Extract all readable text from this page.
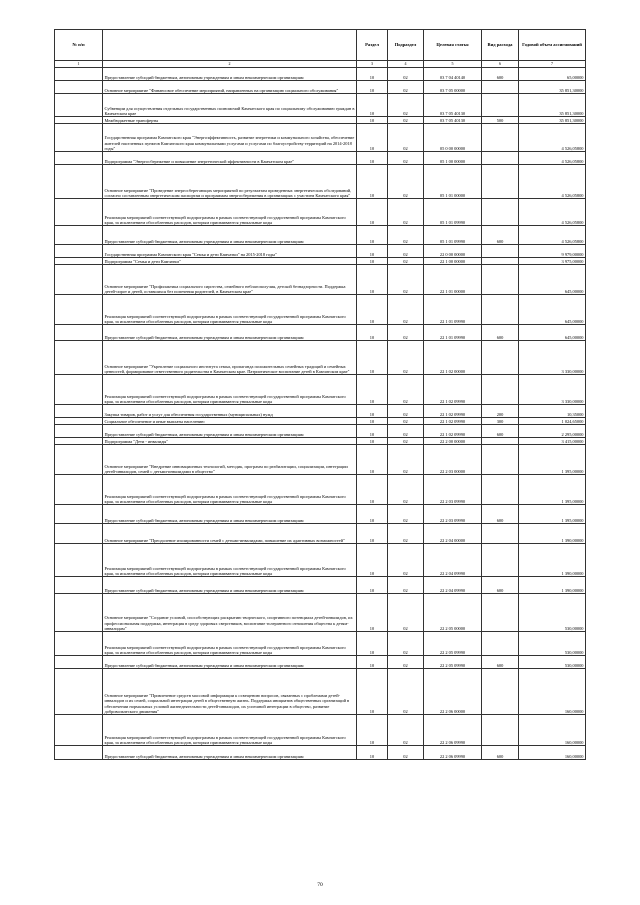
№ п/п		Раздел	Подраздел	Целевая статья	Вид расхода	Годовой объем ассигнований
1	2	3	4	5	6	7
	Предоставление субсидий бюджетным, автономным учреждениям и иным некоммерческим организациям	10	02	03 7 04 40140	600	65,00000
	Основное мероприятие "Финансовое обеспечение мероприятий, направленных на организацию социального обслуживания"	10	02	03 7 05 00000		35 851,30000
	Субвенции для осуществления отдельных государственных полномочий Камчатского края по социальному обслуживанию граждан в Камчатском крае	10	02	03 7 05 40130		35 851,30000
	Межбюджетные трансферты	10	02	03 7 05 40130	500	35 851,30000
	Государственная программа Камчатского края "Энергоэффективность, развитие энергетики и коммунального хозяйства, обеспечение жителей населенных пунктов Камчатского края коммунальными услугами и услугами по благоустройству территорий на 2014-2018 годы"	10	02	05 0 00 00000		4 526,05800
	Подпрограмма "Энергосбережение и повышение энергетической эффективности в Камчатском крае"	10	02	05 1 00 00000		4 526,05800
	Основное мероприятие "Проведение энергосберегающих мероприятий по результатам проведенных энергетических обследований, согласно составленным энергетическим паспортам и программам энергосбережения в организациях с участием Камчатского края"	10	02	05 1 01 00000		4 526,05800
	Реализация мероприятий соответствующей подпрограммы в рамках соответствующей государственной программы Камчатского края, за исключением обособленных расходов, которым присваиваются уникальные коды	10	02	05 1 01 09990		4 526,05800
	Предоставление субсидий бюджетным, автономным учреждениям и иным некоммерческим организациям	10	02	05 1 01 09990	600	4 526,05800
	Государственная программа Камчатского края "Семья и дети Камчатки" на 2015-2018 годы"	10	02	22 0 00 00000		9 979,00000
	Подпрограмма "Семья и дети Камчатки"	10	02	22 1 00 00000		3 975,00000
	Основное мероприятие "Профилактика социального сиротства, семейного неблагополучия, детской безнадзорности. Поддержка детей-сирот и детей, оставшихся без попечения родителей, в Камчатском крае"	10	02	22 1 01 00000		645,00000
	Реализация мероприятий соответствующей подпрограммы в рамках соответствующей государственной программы Камчатского края, за исключением обособленных расходов, которым присваиваются уникальные коды	10	02	22 1 01 09990		645,00000
	Предоставление субсидий бюджетным, автономным учреждениям и иным некоммерческим организациям	10	02	22 1 01 09990	600	645,00000
	Основное мероприятие "Укрепление социального института семьи, пропаганда положительных семейных традиций и семейных ценностей, формирование ответственного родительства в Камчатском крае. Патриотическое воспитание детей в Камчатском крае"	10	02	22 1 02 00000		3 330,00000
	Реализация мероприятий соответствующей подпрограммы в рамках соответствующей государственной программы Камчатского края, за исключением обособленных расходов, которым присваиваются уникальные коды	10	02	22 1 02 09990		3 330,00000
	Закупка товаров, работ и услуг для обеспечения государственных (муниципальных) нужд	10	02	22 1 02 09990	200	10,35000
	Социальное обеспечение и иные выплаты населению	10	02	22 1 02 09990	300	1 024,65000
	Предоставление субсидий бюджетным, автономным учреждениям и иным некоммерческим организациям	10	02	22 1 02 09990	600	2 295,00000
	Подпрограмма "Дети - инвалиды"	10	02	22 2 00 00000		3 415,00000
	Основное мероприятие "Внедрение инновационных технологий, методик, программ по реабилитации, социализации, интеграции детей-инвалидов, семей с детьми-инвалидами в общество"	10	02	22 2 03 00000		1 395,00000
	Реализация мероприятий соответствующей подпрограммы в рамках соответствующей государственной программы Камчатского края, за исключением обособленных расходов, которым присваиваются уникальные коды	10	02	22 2 03 09990		1 395,00000
	Предоставление субсидий бюджетным, автономным учреждениям и иным некоммерческим организациям	10	02	22 2 03 09990	600	1 395,00000
	Основное мероприятие "Преодоление изолированности семей с детьми-инвалидами, повышение их адаптивных возможностей"	10	02	22 2 04 00000		1 390,00000
	Реализация мероприятий соответствующей подпрограммы в рамках соответствующей государственной программы Камчатского края, за исключением обособленных расходов, которым присваиваются уникальные коды	10	02	22 2 04 09990		1 390,00000
	Предоставление субсидий бюджетным, автономным учреждениям и иным некоммерческим организациям	10	02	22 2 04 09990	600	1 390,00000
	Основное мероприятие "Создание условий, способствующих раскрытию творческого, спортивного потенциала детей-инвалидов, их профессиональная поддержка, интеграция в среду здоровых сверстников, воспитание толерантного отношения общества к детям-инвалидам"	10	02	22 2 05 00000		530,00000
	Реализация мероприятий соответствующей подпрограммы в рамках соответствующей государственной программы Камчатского края, за исключением обособленных расходов, которым присваиваются уникальные коды	10	02	22 2 05 09990		530,00000
	Предоставление субсидий бюджетным, автономным учреждениям и иным некоммерческим организациям	10	02	22 2 05 09990	600	530,00000
	Основное мероприятие "Привлечение средств массовой информации к освещению вопросов, связанных с проблемами детей-инвалидов и их семей, социальной интеграции детей в общественную жизнь. Поддержка инициатив общественных организаций в обеспечении нормальных условий жизнедеятельности детей-инвалидов, их успешной интеграции в общество, развитие добровольческого движения"	10	02	22 2 06 00000		160,00000
	Реализация мероприятий соответствующей подпрограммы в рамках соответствующей государственной программы Камчатского края, за исключением обособленных расходов, которым присваиваются уникальные коды	10	02	22 2 06 09990		160,00000
	Предоставление субсидий бюджетным, автономным учреждениям и иным некоммерческим организациям	10	02	22 2 06 09990	600	160,00000
70
